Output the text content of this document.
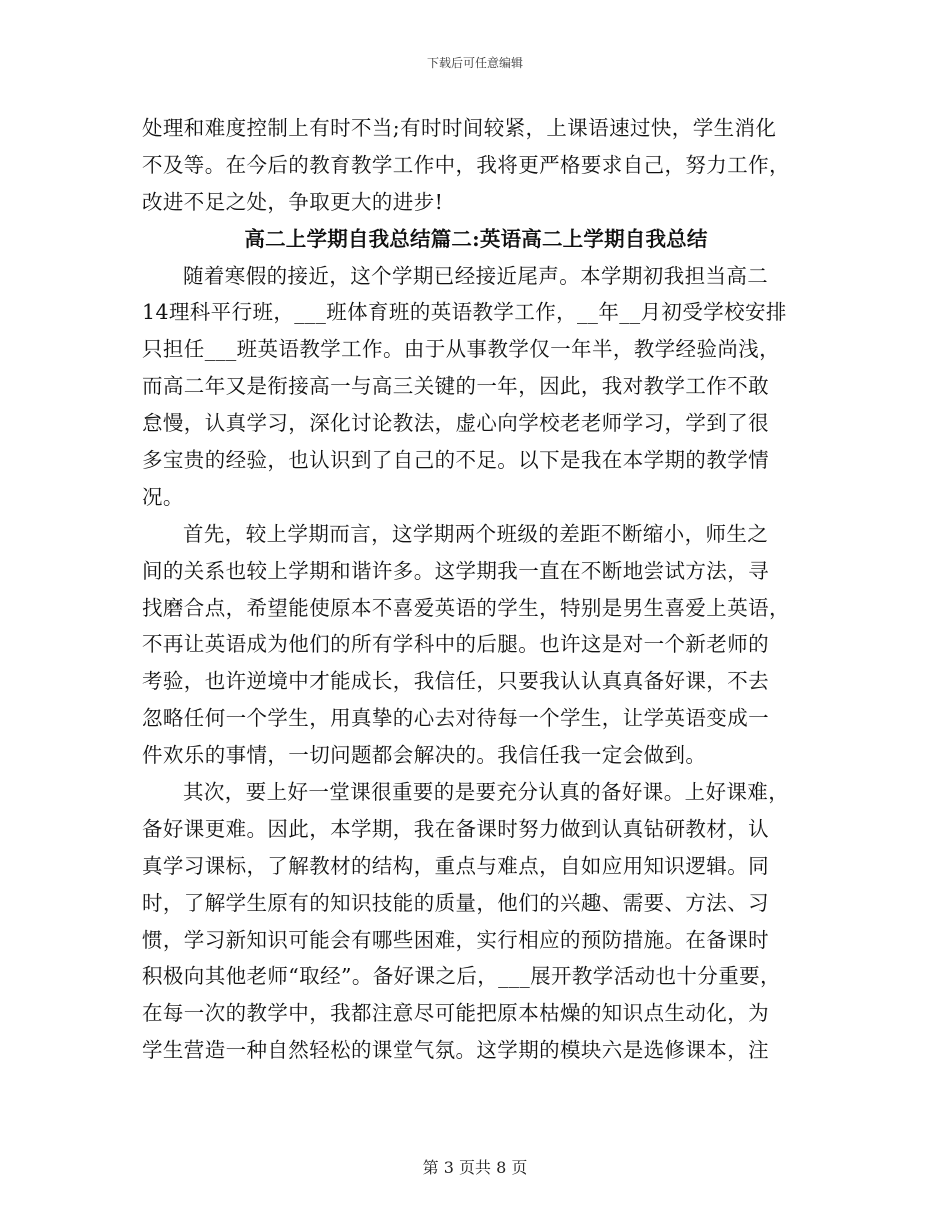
下载后可任意编辑
处理和难度控制上有时不当;有时时间较紧，上课语速过快，学生消化
不及等。在今后的教育教学工作中，我将更严格要求自己，努力工作，
改进不足之处，争取更大的进步!
高二上学期自我总结篇二:英语高二上学期自我总结
随着寒假的接近，这个学期已经接近尾声。本学期初我担当高二
14理科平行班，___班体育班的英语教学工作，__年__月初受学校安排
只担任___班英语教学工作。由于从事教学仅一年半，教学经验尚浅，
而高二年又是衔接高一与高三关键的一年，因此，我对教学工作不敢
怠慢，认真学习，深化讨论教法，虚心向学校老老师学习，学到了很
多宝贵的经验，也认识到了自己的不足。以下是我在本学期的教学情
况。
首先，较上学期而言，这学期两个班级的差距不断缩小，师生之
间的关系也较上学期和谐许多。这学期我一直在不断地尝试方法，寻
找磨合点，希望能使原本不喜爱英语的学生，特别是男生喜爱上英语，
不再让英语成为他们的所有学科中的后腿。也许这是对一个新老师的
考验，也许逆境中才能成长，我信任，只要我认认真真备好课，不去
忽略任何一个学生，用真挚的心去对待每一个学生，让学英语变成一
件欢乐的事情，一切问题都会解决的。我信任我一定会做到。
其次，要上好一堂课很重要的是要充分认真的备好课。上好课难，
备好课更难。因此，本学期，我在备课时努力做到认真钻研教材，认
真学习课标，了解教材的结构，重点与难点，自如应用知识逻辑。同
时，了解学生原有的知识技能的质量，他们的兴趣、需要、方法、习
惯，学习新知识可能会有哪些困难，实行相应的预防措施。在备课时
积极向其他老师“取经”。备好课之后，___展开教学活动也十分重要，
在每一次的教学中，我都注意尽可能把原本枯燥的知识点生动化，为
学生营造一种自然轻松的课堂气氛。这学期的模块六是选修课本，注
第 3 页共 8 页
